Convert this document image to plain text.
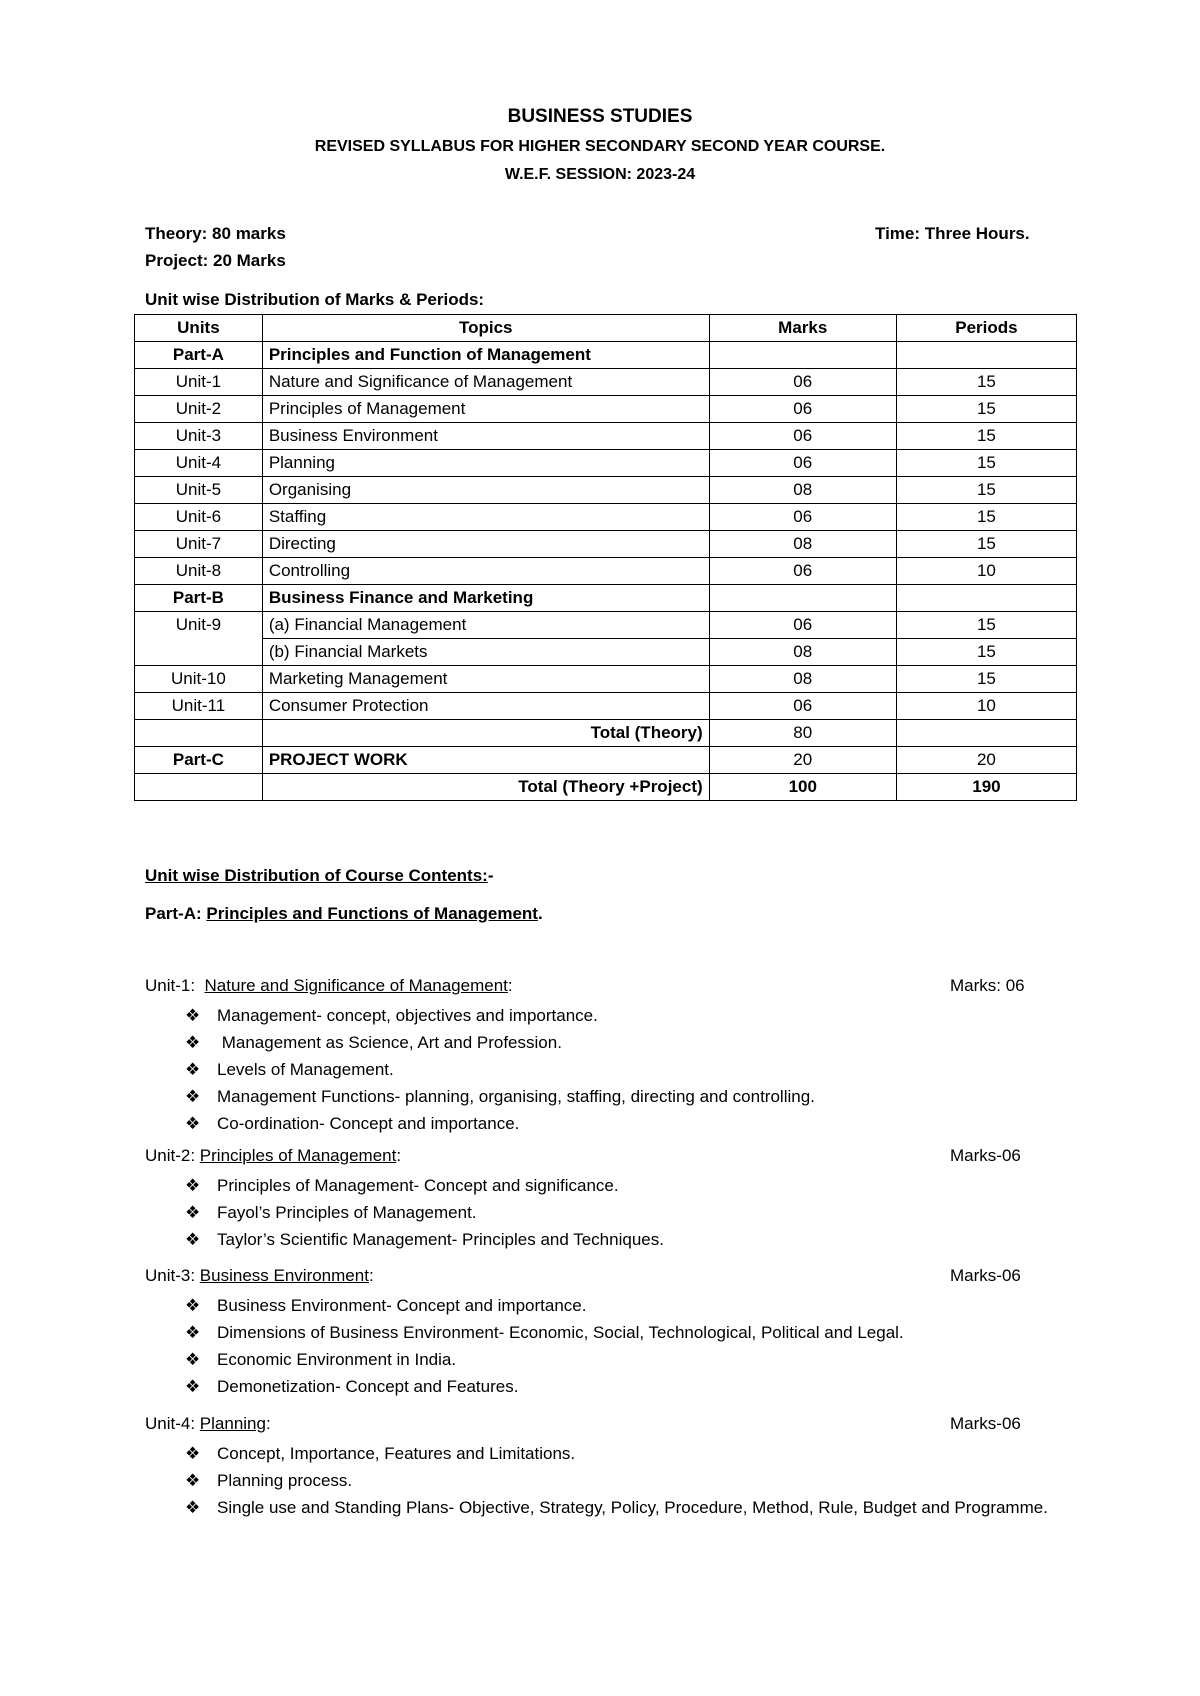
BUSINESS STUDIES
REVISED SYLLABUS FOR HIGHER SECONDARY SECOND YEAR COURSE.
W.E.F. SESSION: 2023-24
Theory: 80 marks
Project: 20 Marks
Time: Three Hours.
Unit wise Distribution of Marks & Periods:
Units	Topics	Marks	Periods
Part-A	Principles and Function of Management		
Unit-1	Nature and Significance of Management	06	15
Unit-2	Principles of Management	06	15
Unit-3	Business Environment	06	15
Unit-4	Planning	06	15
Unit-5	Organising	08	15
Unit-6	Staffing	06	15
Unit-7	Directing	08	15
Unit-8	Controlling	06	10
Part-B	Business Finance and Marketing		
Unit-9	(a) Financial Management	06	15
	(b) Financial Markets	08	15
Unit-10	Marketing Management	08	15
Unit-11	Consumer Protection	06	10
	Total (Theory)	80	
Part-C	PROJECT WORK	20	20
	Total (Theory +Project)	100	190
Unit wise Distribution of Course Contents:-
Part-A: Principles and Functions of Management.
Unit-1:  Nature and Significance of Management:	Marks: 06
❖ Management- concept, objectives and importance.
❖ Management as Science, Art and Profession.
❖ Levels of Management.
❖ Management Functions- planning, organising, staffing, directing and controlling.
❖ Co-ordination- Concept and importance.
Unit-2: Principles of Management:	Marks-06
❖ Principles of Management- Concept and significance.
❖ Fayol’s Principles of Management.
❖ Taylor’s Scientific Management- Principles and Techniques.
Unit-3: Business Environment:	Marks-06
❖ Business Environment- Concept and importance.
❖ Dimensions of Business Environment- Economic, Social, Technological, Political and Legal.
❖ Economic Environment in India.
❖ Demonetization- Concept and Features.
Unit-4: Planning:	Marks-06
❖ Concept, Importance, Features and Limitations.
❖ Planning process.
❖ Single use and Standing Plans- Objective, Strategy, Policy, Procedure, Method, Rule, Budget and Programme.
